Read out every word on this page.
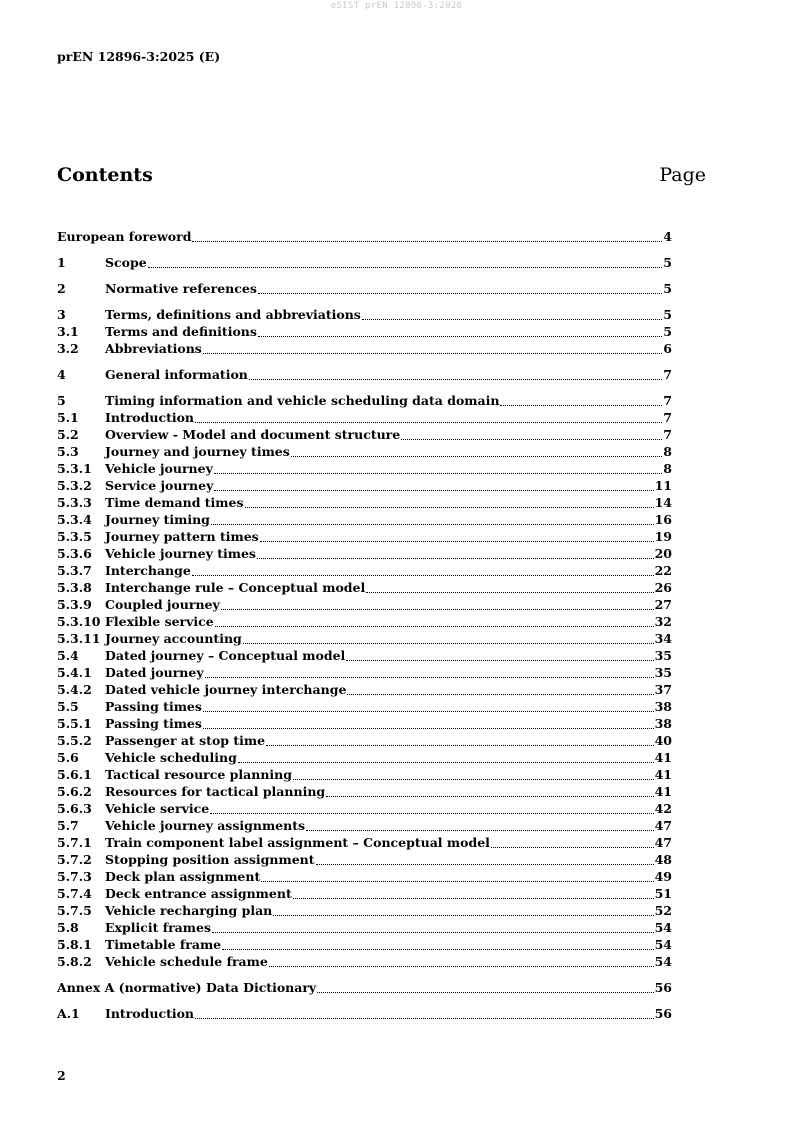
oSIST prEN 12896-3:2026
prEN 12896-3:2025 (E)
Contents	Page
European foreword	4
1	Scope	5
2	Normative references	5
3	Terms, definitions and abbreviations	5
3.1	Terms and definitions	5
3.2	Abbreviations	6
4	General information	7
5	Timing information and vehicle scheduling data domain	7
5.1	Introduction	7
5.2	Overview - Model and document structure	7
5.3	Journey and journey times	8
5.3.1	Vehicle journey	8
5.3.2	Service journey	11
5.3.3	Time demand times	14
5.3.4	Journey timing	16
5.3.5	Journey pattern times	19
5.3.6	Vehicle journey times	20
5.3.7	Interchange	22
5.3.8	Interchange rule – Conceptual model	26
5.3.9	Coupled journey	27
5.3.10 Flexible service	32
5.3.11 Journey accounting	34
5.4	Dated journey – Conceptual model	35
5.4.1	Dated journey	35
5.4.2	Dated vehicle journey interchange	37
5.5	Passing times	38
5.5.1	Passing times	38
5.5.2	Passenger at stop time	40
5.6	Vehicle scheduling	41
5.6.1	Tactical resource planning	41
5.6.2	Resources for tactical planning	41
5.6.3	Vehicle service	42
5.7	Vehicle journey assignments	47
5.7.1	Train component label assignment – Conceptual model	47
5.7.2	Stopping position assignment	48
5.7.3	Deck plan assignment	49
5.7.4	Deck entrance assignment	51
5.7.5	Vehicle recharging plan	52
5.8	Explicit frames	54
5.8.1	Timetable frame	54
5.8.2	Vehicle schedule frame	54
Annex A (normative) Data Dictionary	56
A.1	Introduction	56
2
